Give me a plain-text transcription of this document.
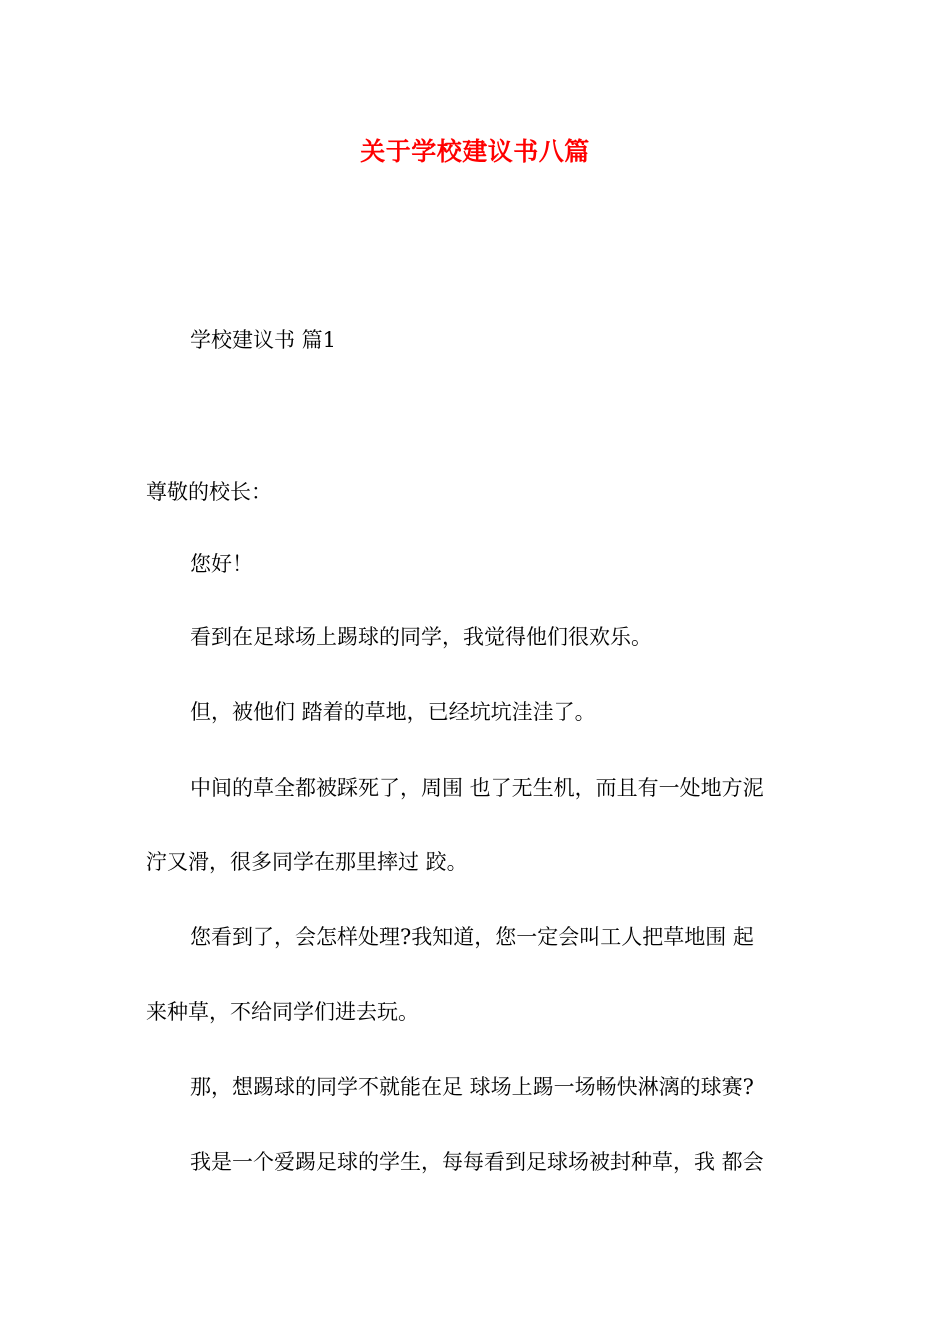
关于学校建议书八篇
学校建议书 篇1
尊敬的校长：
您好！
看到在足球场上踢球的同学，我觉得他们很欢乐。
但，被他们 踏着的草地，已经坑坑洼洼了。
中间的草全都被踩死了，周围 也了无生机，而且有一处地方泥
泞又滑，很多同学在那里摔过 跤。
您看到了，会怎样处理?我知道，您一定会叫工人把草地围 起
来种草，不给同学们进去玩。
那，想踢球的同学不就能在足 球场上踢一场畅快淋漓的球赛?
我是一个爱踢足球的学生，每每看到足球场被封种草，我 都会
